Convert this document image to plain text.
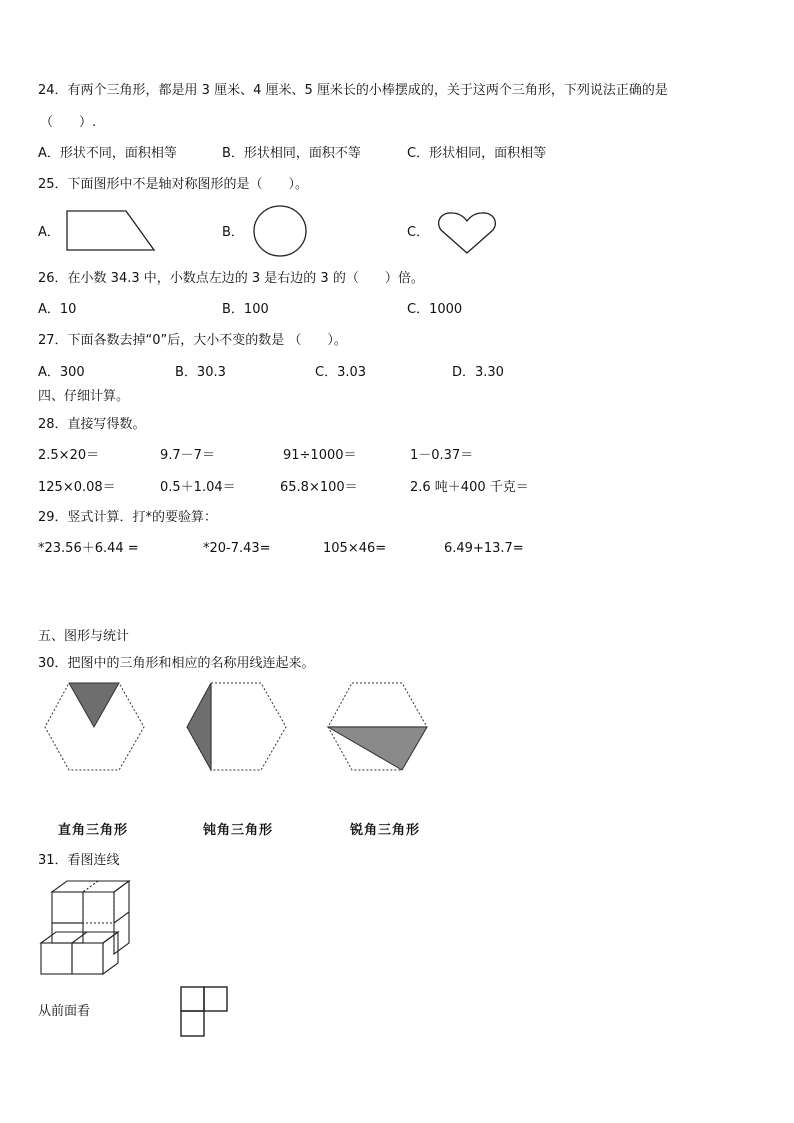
24．有两个三角形，都是用 3 厘米、4 厘米、5 厘米长的小棒摆成的，关于这两个三角形，下列说法正确的是
（　　）.
A．形状不同，面积相等	B．形状相同，面积不等	C．形状相同，面积相等
25．下面图形中不是轴对称图形的是（　　）。
A．	B．	C．
26．在小数 34.3 中，小数点左边的 3 是右边的 3 的（　　）倍。
A．10	B．100	C．1000
27．下面各数去掉“0”后，大小不变的数是 （　　）。
A．300	B．30.3	C．3.03	D．3.30
四、仔细计算。
28．直接写得数。
2.5×20＝	9.7－7＝	91÷1000＝	1－0.37＝
125×0.08＝	0.5＋1.04＝	65.8×100＝	2.6 吨＋400 千克＝
29．竖式计算．打*的要验算：
*23.56＋6.44 =	*20-7.43=	105×46=	6.49+13.7=
五、图形与统计
30．把图中的三角形和相应的名称用线连起来。
直角三角形	钝角三角形	锐角三角形
31．看图连线
从前面看
